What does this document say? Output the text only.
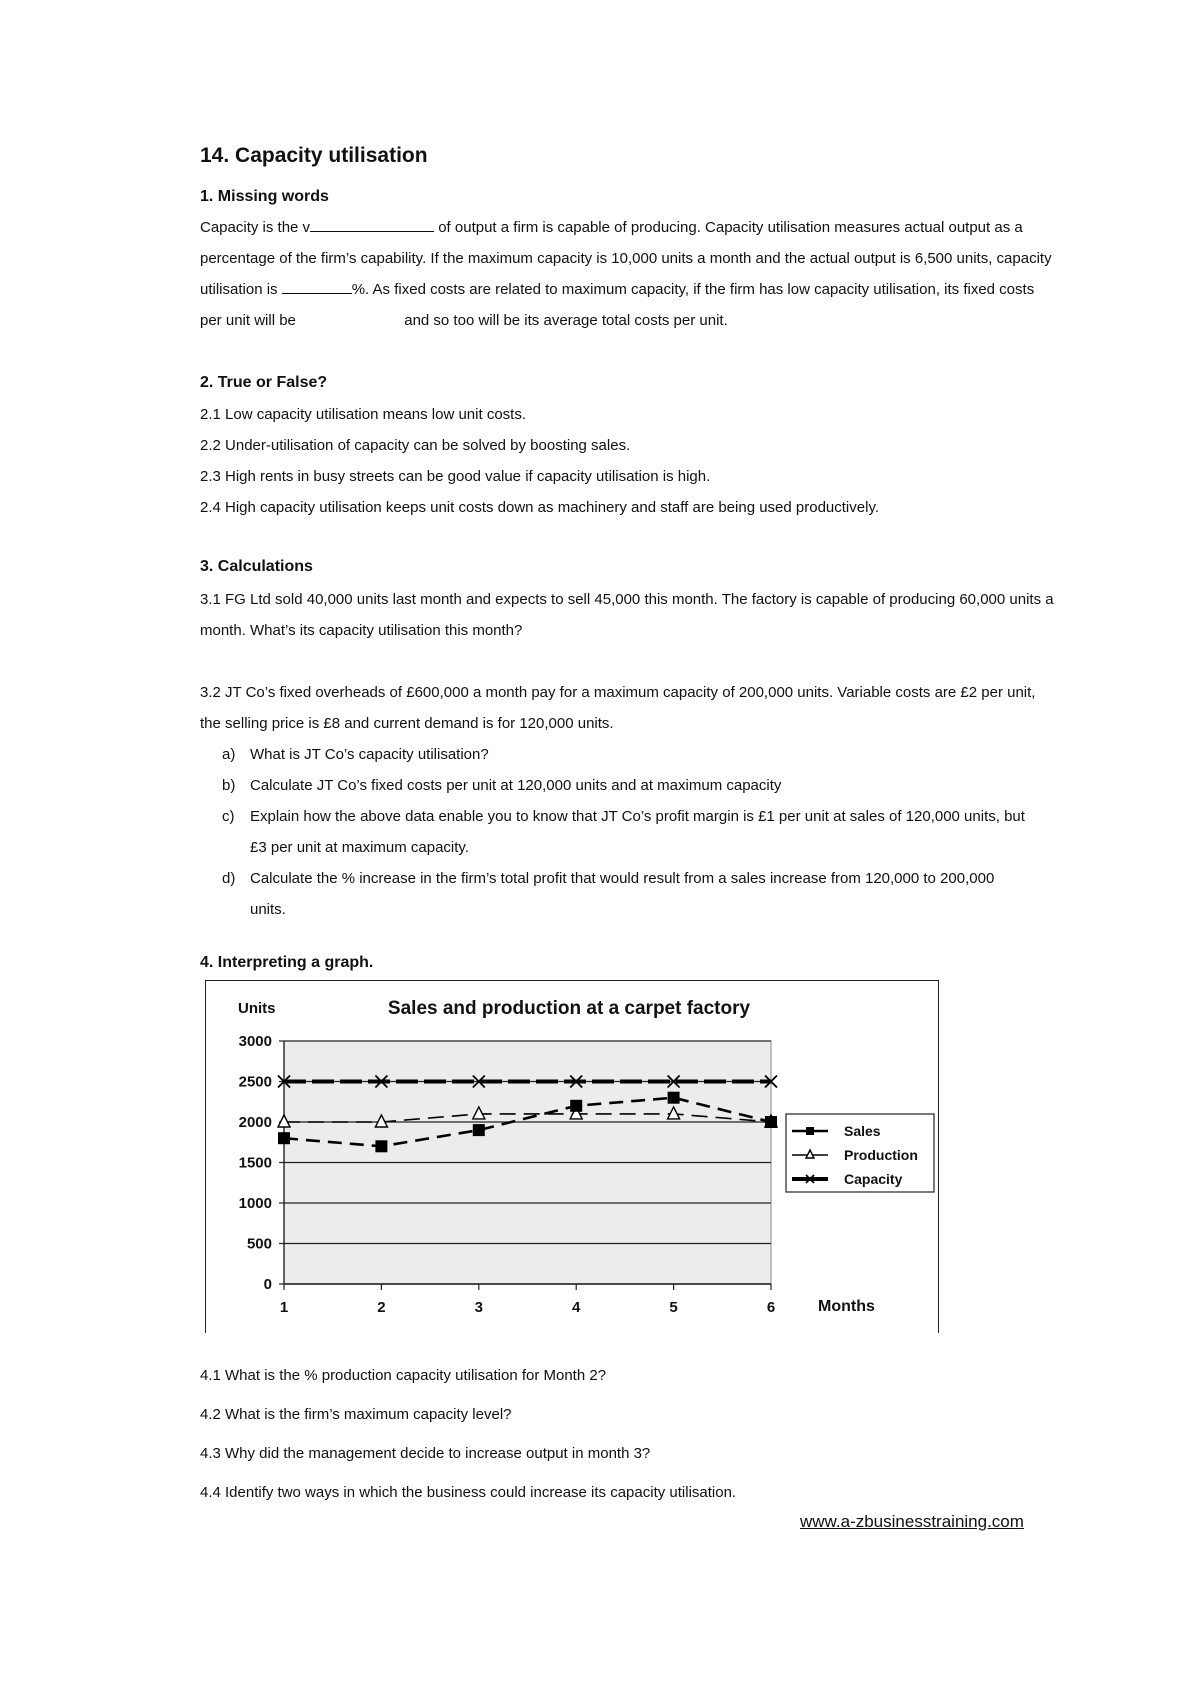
14. Capacity utilisation
1. Missing words

Capacity is the v	of output a firm is capable of producing. Capacity utilisation measures actual output as a percentage of the firm’s capability. If the maximum capacity is 10,000 units a month and the actual output is 6,500 units, capacity utilisation is	%. As fixed costs are related to maximum capacity, if the firm has low capacity utilisation, its fixed costs per unit will be	and so too will be its average total costs per unit.

2. True or False?

2.1 Low capacity utilisation means low unit costs.

2.2 Under-utilisation of capacity can be solved by boosting sales.

2.3 High rents in busy streets can be good value if capacity utilisation is high.

2.4 High capacity utilisation keeps unit costs down as machinery and staff are being used productively.

3. Calculations

3.1 FG Ltd sold 40,000 units last month and expects to sell 45,000 this month. The factory is capable of producing 60,000 units a month. What’s its capacity utilisation this month?

3.2 JT Co’s fixed overheads of £600,000 a month pay for a maximum capacity of 200,000 units. Variable costs are £2 per unit, the selling price is £8 and current demand is for 120,000 units.

a) What is JT Co’s capacity utilisation?

b) Calculate JT Co’s fixed costs per unit at 120,000 units and at maximum capacity

c) Explain how the above data enable you to know that JT Co’s profit margin is £1 per unit at sales of 120,000 units, but £3 per unit at maximum capacity.

d) Calculate the % increase in the firm’s total profit that would result from a sales increase from 120,000 to 200,000 units.

4. Interpreting a graph.
0
500
1000
1500
2000
2500
3000
1	2	3	4	5	6
Sales and production at a carpet factory
Units
Months
Sales
Production
Capacity

4.1 What is the % production capacity utilisation for Month 2?

4.2 What is the firm’s maximum capacity level?

4.3 Why did the management decide to increase output in month 3?

4.4 Identify two ways in which the business could increase its capacity utilisation.

www.a-zbusinesstraining.com
